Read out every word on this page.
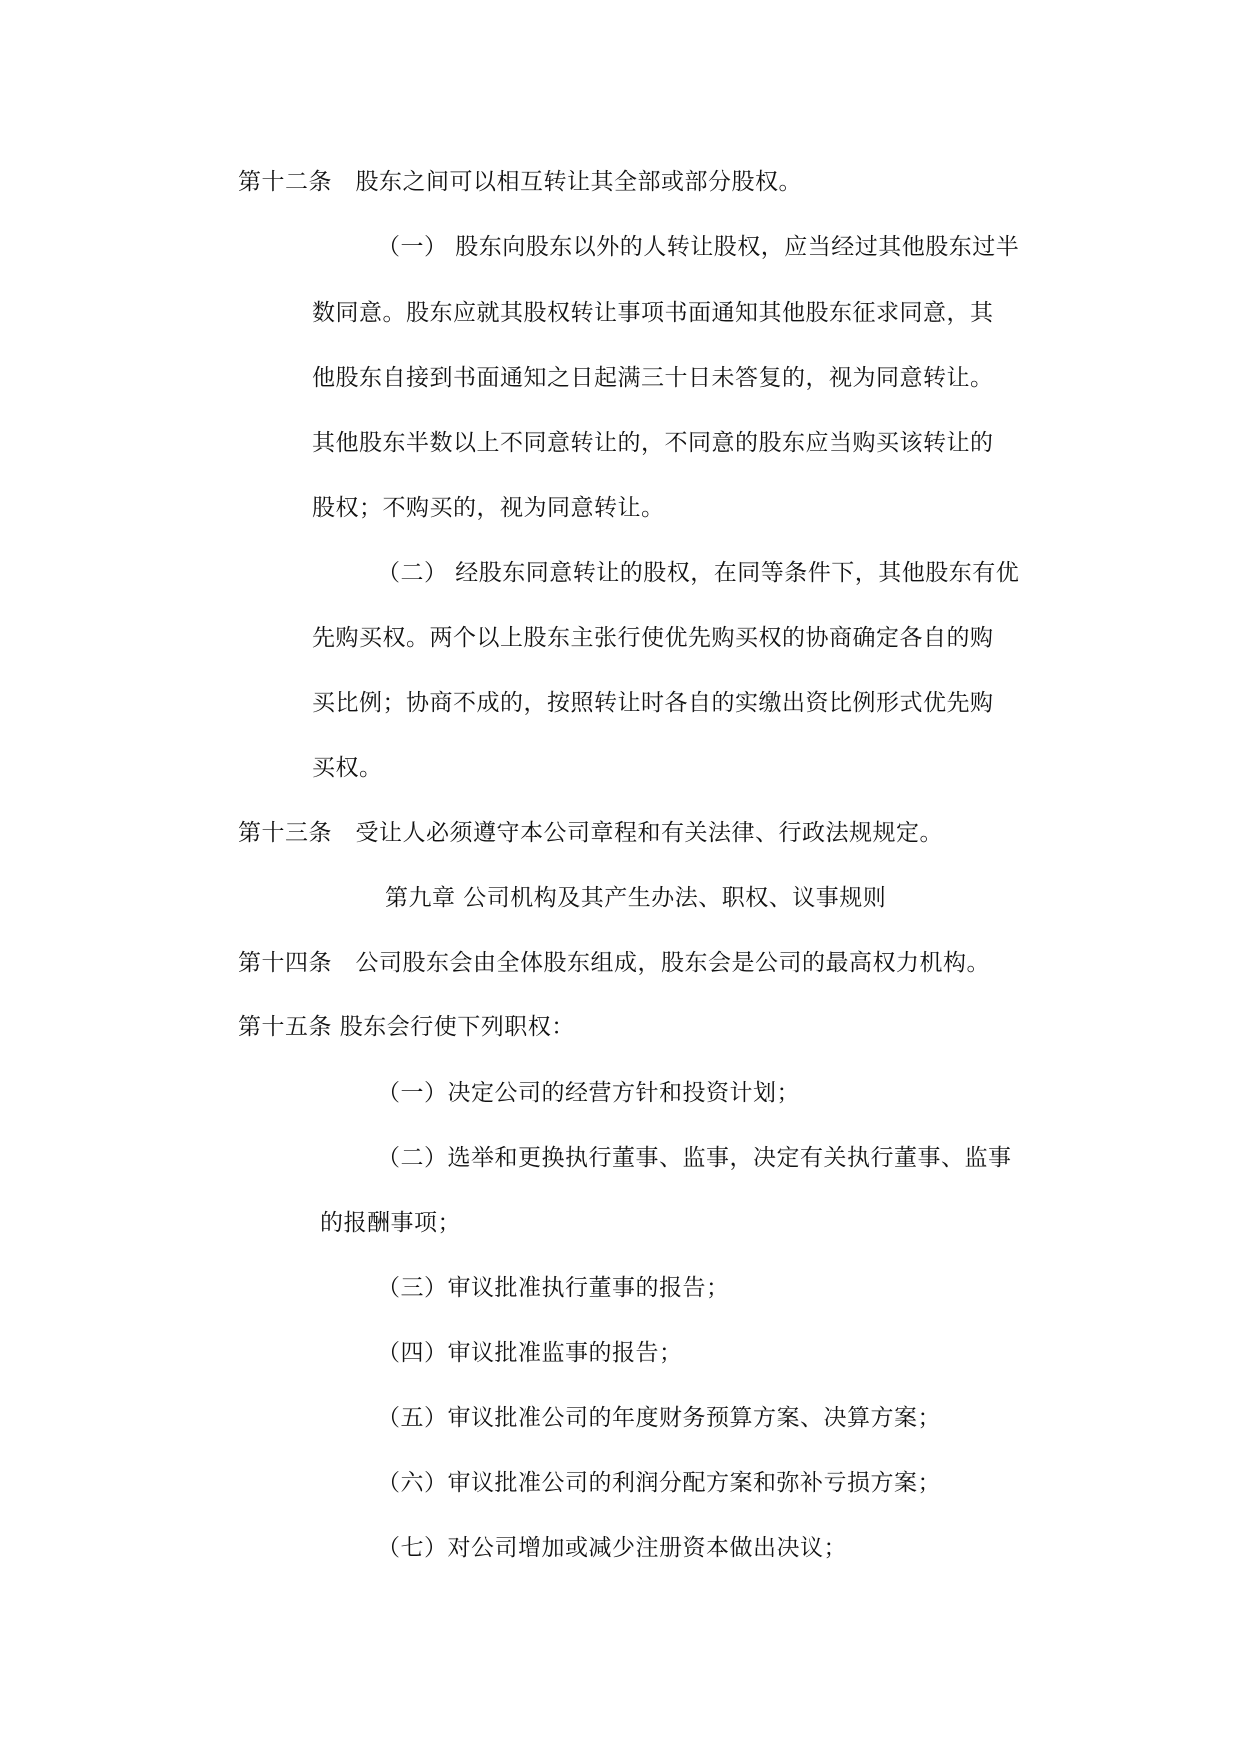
第十二条　股东之间可以相互转让其全部或部分股权。
（一） 股东向股东以外的人转让股权，应当经过其他股东过半
数同意。股东应就其股权转让事项书面通知其他股东征求同意，其
他股东自接到书面通知之日起满三十日未答复的，视为同意转让。
其他股东半数以上不同意转让的，不同意的股东应当购买该转让的
股权；不购买的，视为同意转让。
（二） 经股东同意转让的股权，在同等条件下，其他股东有优
先购买权。两个以上股东主张行使优先购买权的协商确定各自的购
买比例；协商不成的，按照转让时各自的实缴出资比例形式优先购
买权。
第十三条　受让人必须遵守本公司章程和有关法律、行政法规规定。
第九章 公司机构及其产生办法、职权、议事规则
第十四条　公司股东会由全体股东组成，股东会是公司的最高权力机构。
第十五条 股东会行使下列职权：
（一）决定公司的经营方针和投资计划；
（二）选举和更换执行董事、监事，决定有关执行董事、监事
的报酬事项；
（三）审议批准执行董事的报告；
（四）审议批准监事的报告；
（五）审议批准公司的年度财务预算方案、决算方案；
（六）审议批准公司的利润分配方案和弥补亏损方案；
（七）对公司增加或减少注册资本做出决议；
